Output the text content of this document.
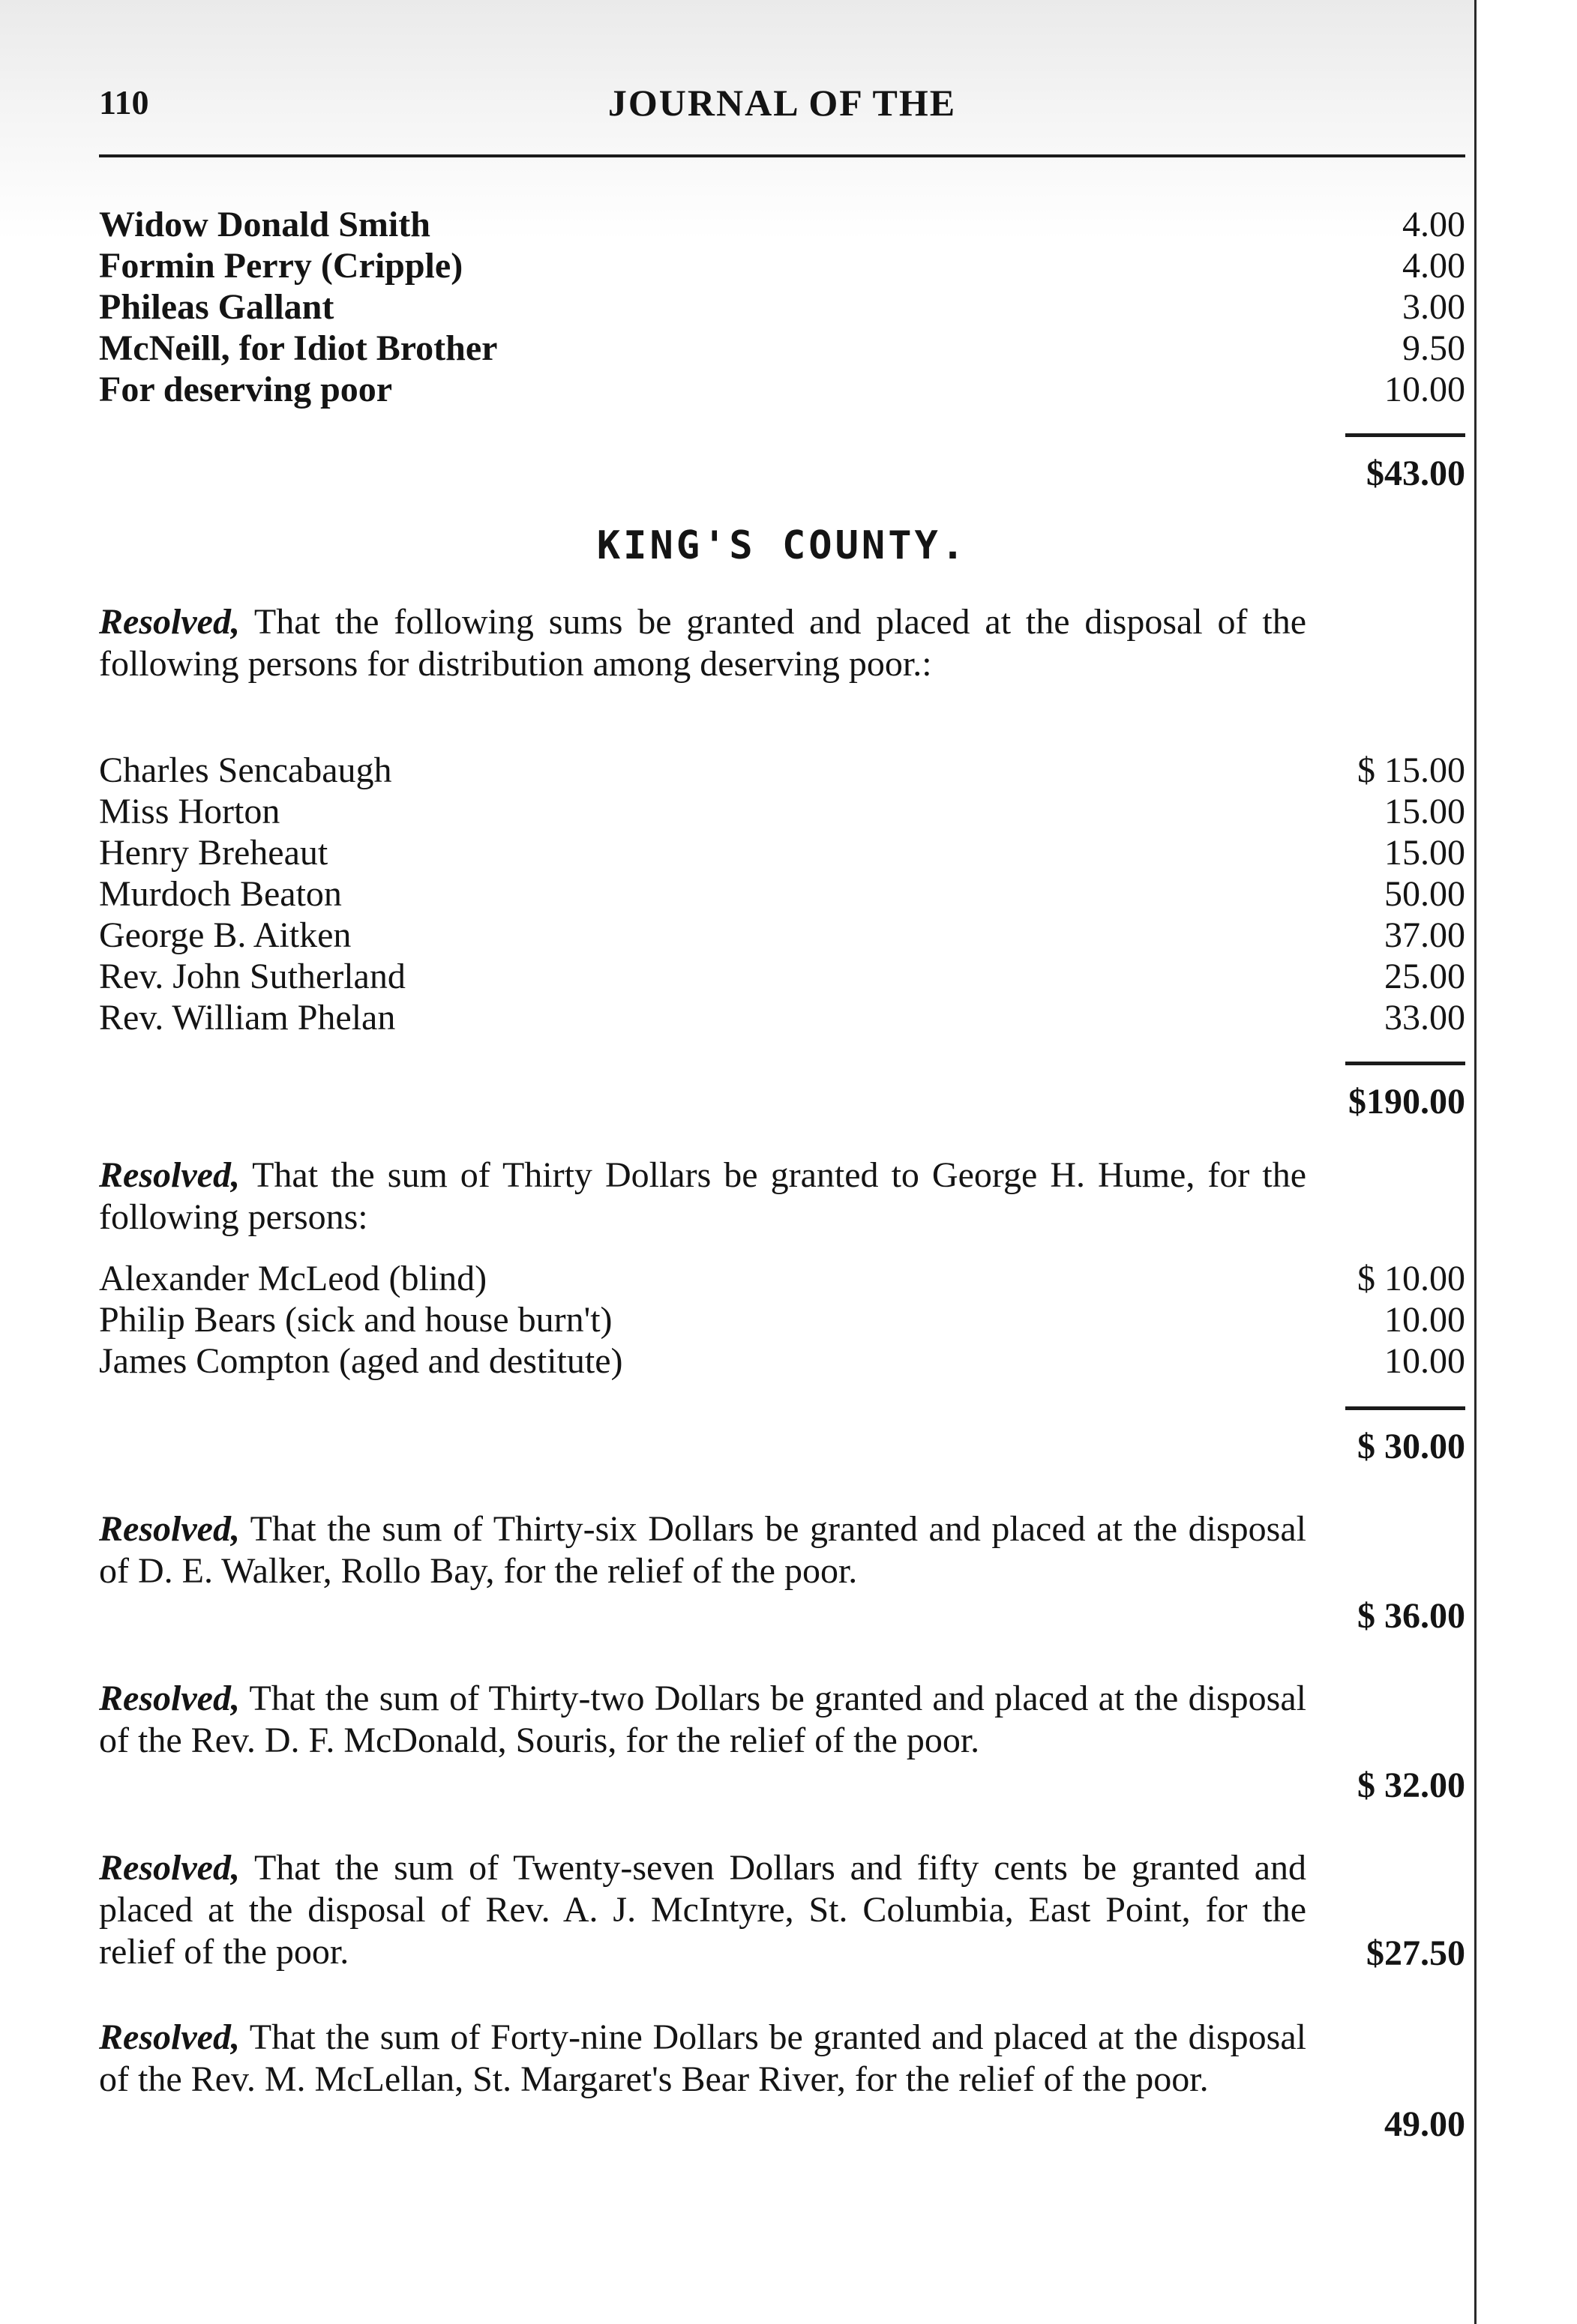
110	JOURNAL OF THE
Widow Donald Smith	4.00
Formin Perry (Cripple)	4.00
Phileas Gallant	3.00
McNeill, for Idiot Brother	9.50
For deserving poor	10.00
$43.00
KING'S COUNTY.
Resolved, That the following sums be granted and placed at the disposal of the following persons for distribution among deserving poor.:
Charles Sencabaugh	$ 15.00
Miss Horton	15.00
Henry Breheaut	15.00
Murdoch Beaton	50.00
George B. Aitken	37.00
Rev. John Sutherland	25.00
Rev. William Phelan	33.00
$190.00
Resolved, That the sum of Thirty Dollars be granted to George H. Hume, for the following persons:
Alexander McLeod (blind)	$ 10.00
Philip Bears (sick and house burn't)	10.00
James Compton (aged and destitute)	10.00
$ 30.00
Resolved, That the sum of Thirty-six Dollars be granted and placed at the disposal of D. E. Walker, Rollo Bay, for the relief of the poor.
$ 36.00
Resolved, That the sum of Thirty-two Dollars be granted and placed at the disposal of the Rev. D. F. McDonald, Souris, for the relief of the poor.
$ 32.00
Resolved, That the sum of Twenty-seven Dollars and fifty cents be granted and placed at the disposal of Rev. A. J. McIntyre, St. Columbia, East Point, for the relief of the poor.	$27.50
Resolved, That the sum of Forty-nine Dollars be granted and placed at the disposal of the Rev. M. McLellan, St. Margaret's Bear River, for the relief of the poor.
49.00
